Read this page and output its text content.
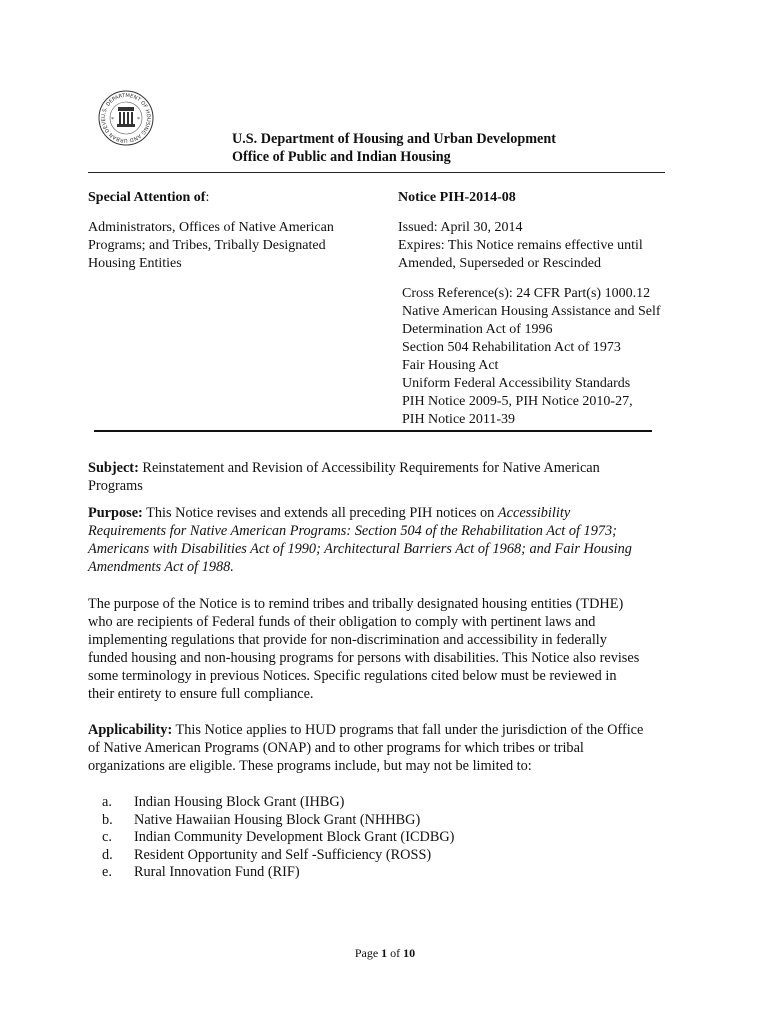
U.S. DEPARTMENT OF HOUSING AND URBAN DEVE *	*
U.S. Department of Housing and Urban Development
Office of Public and Indian Housing
Special Attention of:
Administrators, Offices of Native American
Programs; and Tribes, Tribally Designated
Housing Entities
Notice PIH-2014-08
Issued: April 30, 2014
Expires: This Notice remains effective until
Amended, Superseded or Rescinded
Cross Reference(s): 24 CFR Part(s) 1000.12
Native American Housing Assistance and Self
Determination Act of 1996
Section 504 Rehabilitation Act of 1973
Fair Housing Act
Uniform Federal Accessibility Standards
PIH Notice 2009-5, PIH Notice 2010-27,
PIH Notice 2011-39
Subject: Reinstatement and Revision of Accessibility Requirements for Native American
Programs
Purpose: This Notice revises and extends all preceding PIH notices on Accessibility
Requirements for Native American Programs: Section 504 of the Rehabilitation Act of 1973;
Americans with Disabilities Act of 1990; Architectural Barriers Act of 1968; and Fair Housing
Amendments Act of 1988.
The purpose of the Notice is to remind tribes and tribally designated housing entities (TDHE)
who are recipients of Federal funds of their obligation to comply with pertinent laws and
implementing regulations that provide for non-discrimination and accessibility in federally
funded housing and non-housing programs for persons with disabilities. This Notice also revises
some terminology in previous Notices. Specific regulations cited below must be reviewed in
their entirety to ensure full compliance.
Applicability: This Notice applies to HUD programs that fall under the jurisdiction of the Office
of Native American Programs (ONAP) and to other programs for which tribes or tribal
organizations are eligible. These programs include, but may not be limited to:
a.	Indian Housing Block Grant (IHBG)
b.	Native Hawaiian Housing Block Grant (NHHBG)
c.	Indian Community Development Block Grant (ICDBG)
d.	Resident Opportunity and Self -Sufficiency (ROSS)
e.	Rural Innovation Fund (RIF)
Page 1 of 10
